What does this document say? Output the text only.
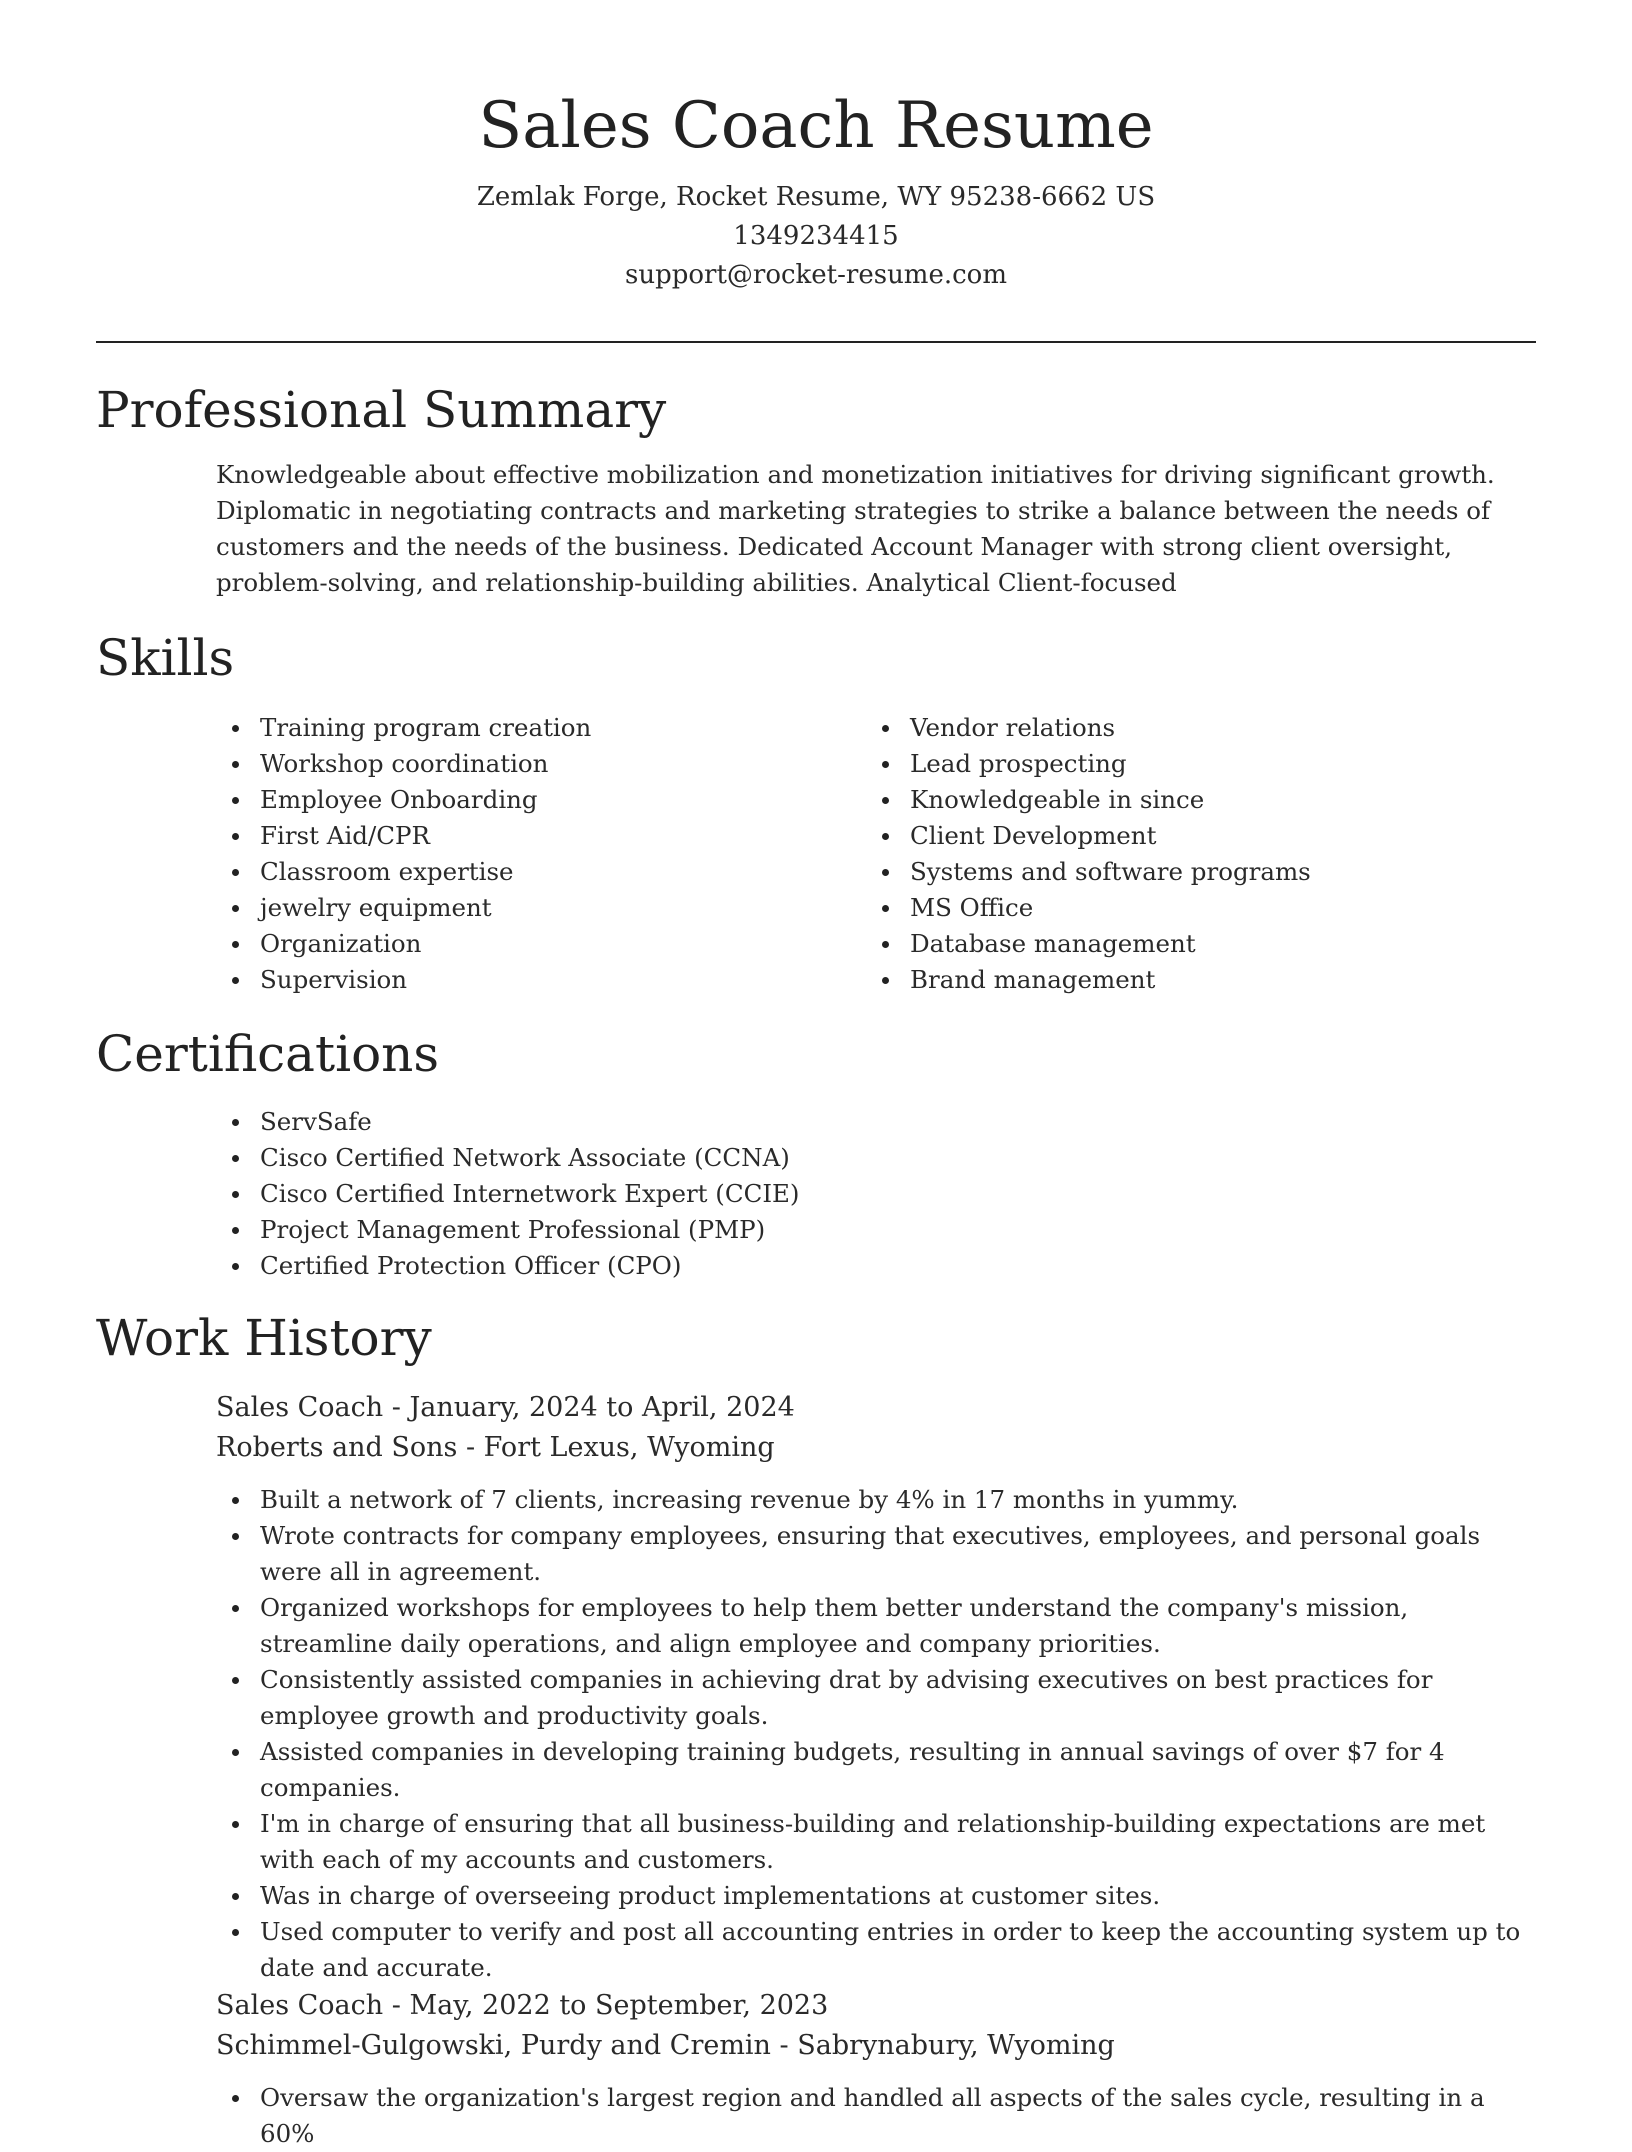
Sales Coach Resume
Zemlak Forge, Rocket Resume, WY 95238-6662 US
1349234415
support@rocket-resume.com
Professional Summary
Knowledgeable about effective mobilization and monetization initiatives for driving significant growth. Diplomatic in negotiating contracts and marketing strategies to strike a balance between the needs of customers and the needs of the business. Dedicated Account Manager with strong client oversight, problem-solving, and relationship-building abilities. Analytical Client-focused
Skills
Training program creation
Workshop coordination
Employee Onboarding
First Aid/CPR
Classroom expertise
jewelry equipment
Organization
Supervision
Vendor relations
Lead prospecting
Knowledgeable in since
Client Development
Systems and software programs
MS Office
Database management
Brand management
Certifications
ServSafe
Cisco Certified Network Associate (CCNA)
Cisco Certified Internetwork Expert (CCIE)
Project Management Professional (PMP)
Certified Protection Officer (CPO)
Work History
Sales Coach - January, 2024 to April, 2024
Roberts and Sons - Fort Lexus, Wyoming
Built a network of 7 clients, increasing revenue by 4% in 17 months in yummy.
Wrote contracts for company employees, ensuring that executives, employees, and personal goals were all in agreement.
Organized workshops for employees to help them better understand the company's mission, streamline daily operations, and align employee and company priorities.
Consistently assisted companies in achieving drat by advising executives on best practices for employee growth and productivity goals.
Assisted companies in developing training budgets, resulting in annual savings of over $7 for 4 companies.
I'm in charge of ensuring that all business-building and relationship-building expectations are met with each of my accounts and customers.
Was in charge of overseeing product implementations at customer sites.
Used computer to verify and post all accounting entries in order to keep the accounting system up to date and accurate.
Sales Coach - May, 2022 to September, 2023
Schimmel-Gulgowski, Purdy and Cremin - Sabrynabury, Wyoming
Oversaw the organization's largest region and handled all aspects of the sales cycle, resulting in a 60%
